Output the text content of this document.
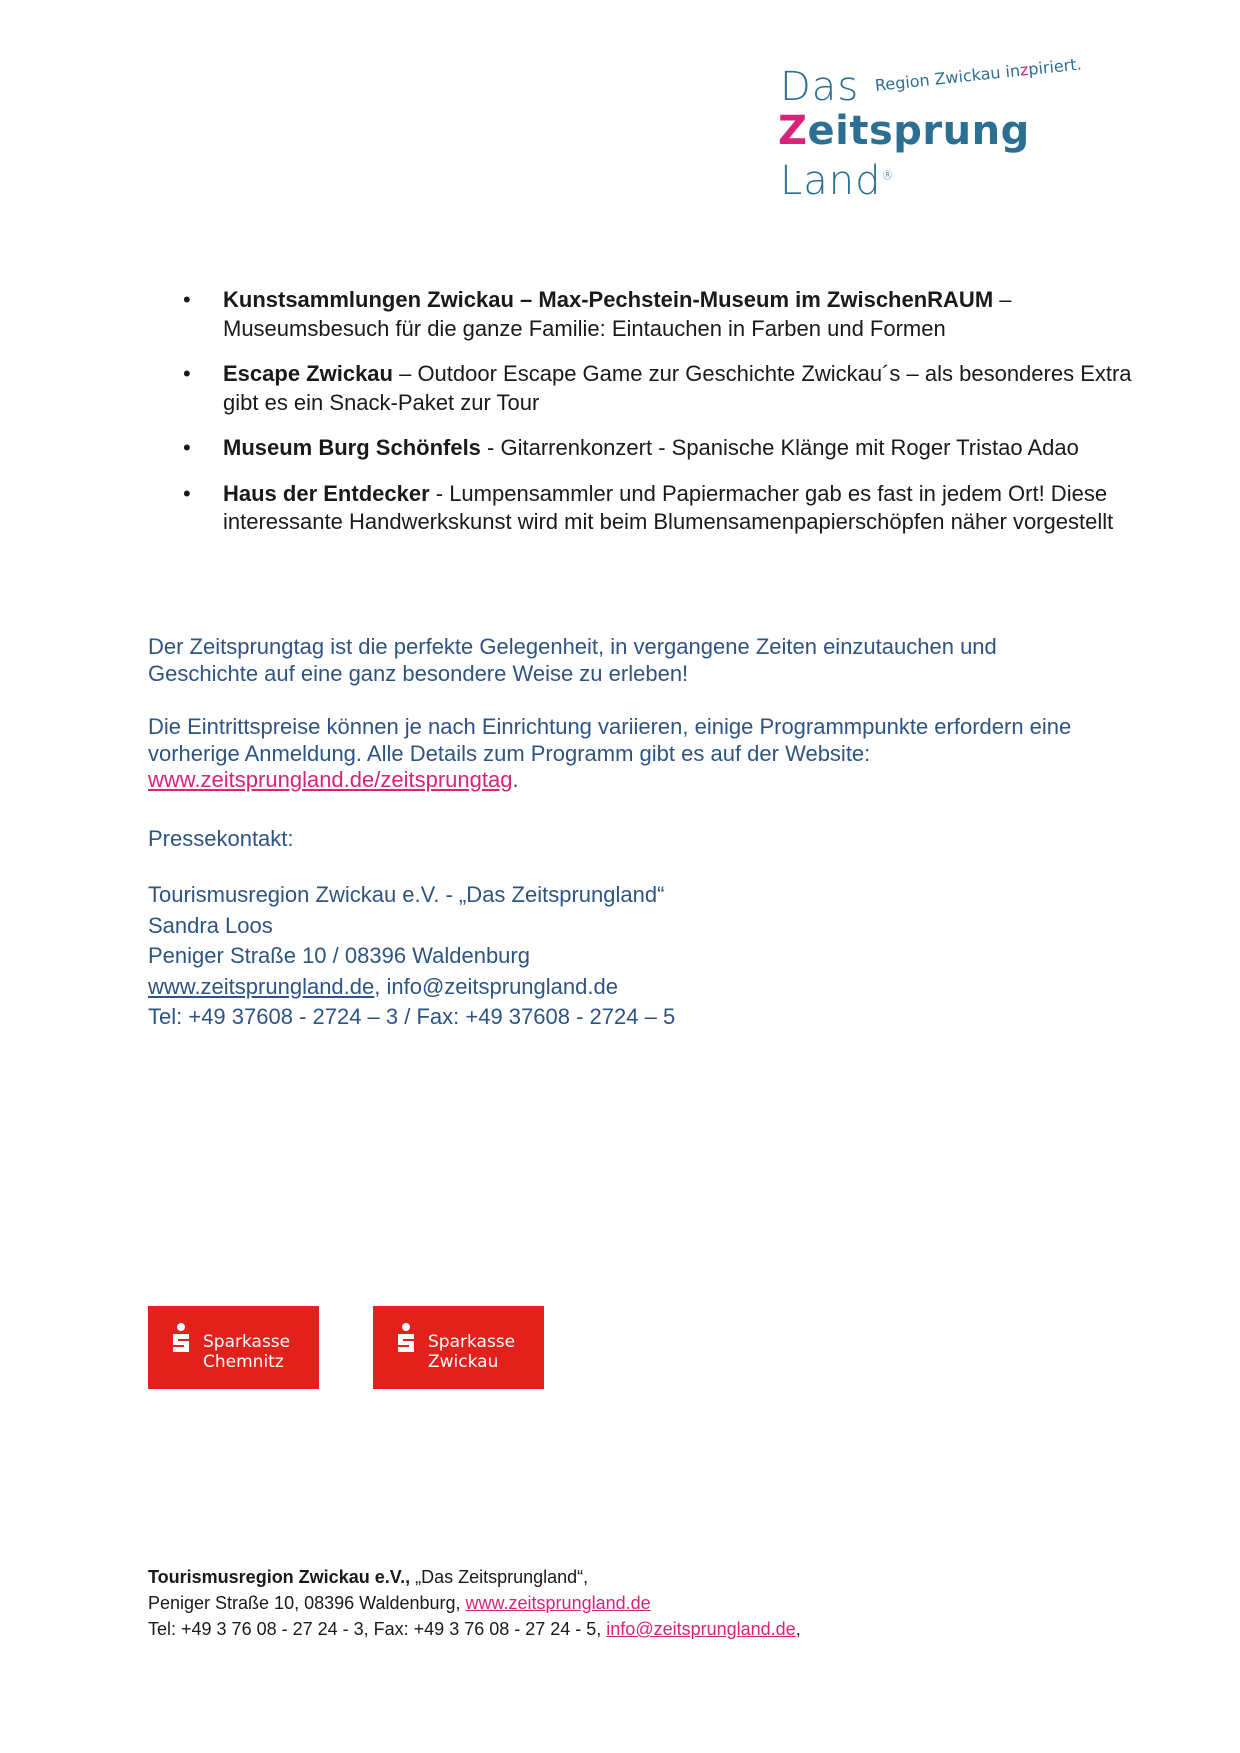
Das Region Zwickau inzpiriert.
Zeitsprung
Land®
• Kunstsammlungen Zwickau – Max-Pechstein-Museum im ZwischenRAUM – Museumsbesuch für die ganze Familie: Eintauchen in Farben und Formen
• Escape Zwickau – Outdoor Escape Game zur Geschichte Zwickau´s – als besonderes Extra gibt es ein Snack-Paket zur Tour
• Museum Burg Schönfels - Gitarrenkonzert - Spanische Klänge mit Roger Tristao Adao
• Haus der Entdecker - Lumpensammler und Papiermacher gab es fast in jedem Ort! Diese interessante Handwerkskunst wird mit beim Blumensamenpapierschöpfen näher vorgestellt
Der Zeitsprungtag ist die perfekte Gelegenheit, in vergangene Zeiten einzutauchen und Geschichte auf eine ganz besondere Weise zu erleben!
Die Eintrittspreise können je nach Einrichtung variieren, einige Programmpunkte erfordern eine vorherige Anmeldung. Alle Details zum Programm gibt es auf der Website: www.zeitsprungland.de/zeitsprungtag.
Pressekontakt:
Tourismusregion Zwickau e.V. - „Das Zeitsprungland“
Sandra Loos
Peniger Straße 10 / 08396 Waldenburg
www.zeitsprungland.de, info@zeitsprungland.de
Tel: +49 37608 - 2724 – 3 / Fax: +49 37608 - 2724 – 5
Sparkasse
Chemnitz
Sparkasse
Zwickau
Tourismusregion Zwickau e.V., „Das Zeitsprungland“,
Peniger Straße 10, 08396 Waldenburg, www.zeitsprungland.de
Tel: +49 3 76 08 - 27 24 - 3, Fax: +49 3 76 08 - 27 24 - 5, info@zeitsprungland.de,
